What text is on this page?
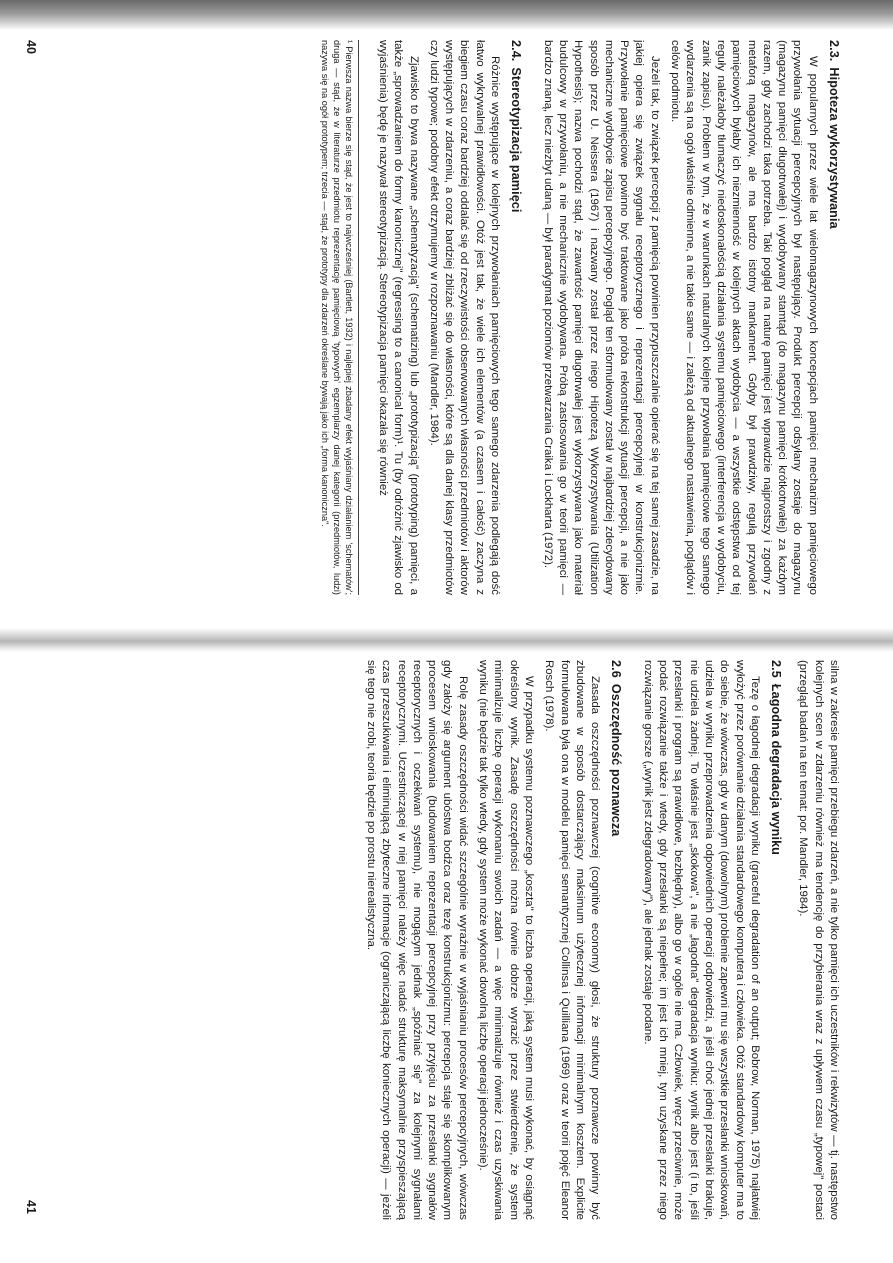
2.3.Hipoteza wykorzystywania

W popularnych przez wiele lat wielomagazynowych koncepcjach pamięci mechanizm pamięciowego przywołania sytuacji percepcyjnych był następujący. Produkt percepcji odsyłany zostaje do magazynu (magazynu pamięci długotrwałej) i wydobywany stamtąd (do magazynu pamięci krótkotrwałej) za każdym razem, gdy zachodzi taka potrzeba. Taki pogląd na naturę pamięci jest wprawdzie najprostszy i zgodny z metaforą magazynów, ale ma bardzo istotny mankament. Gdyby był prawdziwy, regułą przywołań pamięciowych byłaby ich niezmienność w kolejnych aktach wydobycia — a wszystkie odstępstwa od tej reguły należałoby tłumaczyć niedoskonałością działania systemu pamięciowego (interferencja w wydobyciu, zanik zapisu). Problem w tym, że w warunkach naturalnych kolejne przywołania pamięciowe tego samego wydarzenia są na ogół właśnie odmienne, a nie takie same — i zależą od aktualnego nastawienia, poglądów i celów podmiotu.

Jeżeli tak, to związek percepcji z pamięcią powinien przypuszczalnie opierać się na tej samej zasadzie, na jakiej opiera się związek sygnału receptorycznego i reprezentacji percepcyjnej w konstrukcjonizmie. Przywołanie pamięciowe powinno być traktowane jako próba rekonstrukcji sytuacji percepcji, a nie jako mechaniczne wydobycie zapisu percepcyjnego. Pogląd ten sformułowany został w najbardziej zdecydowany sposób przez U. Neissera (1967) i nazwany został przez niego Hipotezą Wykorzystywania (Utilization Hypothesis); nazwa pochodzi stąd, że zawartość pamięci długotrwałej jest wykorzystywana jako materiał budulcowy w przywołaniu, a nie mechanicznie wydobywana. Próbą zastosowania go w teorii pamięci — bardzo znaną, lecz niezbyt udaną — był paradygmat poziomów przetwarzania Craika i Lockharta (1972).

2.4.Stereotypizacja pamięci

Różnice występujące w kolejnych przywołaniach pamięciowych tego samego zdarzenia podlegają dość łatwo wykrywalnej prawidłowości. Otóż jest tak, że wiele ich elementów (a czasem i całość) zaczyna z biegiem czasu coraz bardziej oddalać się od rzeczywistości obserwowanych własności przedmiotów i aktorów występujących w zdarzeniu, a coraz bardziej zbliżać się do własności, które są dla danej klasy przedmiotów czy ludzi typowe; podobny efekt otrzymujemy w rozpoznawaniu (Mandler, 1984).

Zjawisko to bywa nazywane „schematyzacją" (schematizing) lub „prototypizacją" (prototyping) pamięci, a także „sprowadzaniem do formy kanonicznej" (regressing to a canonical form)¹. Tu (by odróżnić zjawisko od wyjaśnienia) będę je nazywał stereotypizacją. Stereotypizacja pamięci okazała się również

¹ Pierwsza nazwa bierze się stąd, że jest to najwcześniej (Bartlett, 1932) i najlepiej zbadany efekt wyjaśniany działaniem 'schematów'; druga — stąd, że w literaturze przedmiotu reprezentację pamięciową 'typowych' egzemplarzy danej kategorii (przedmiotów, ludzi) nazywa się na ogół prototypem; trzecia — stąd, że prototypy dla zdarzeń określane bywają jako ich „forma kanoniczna".

silna w zakresie pamięci przebiegu zdarzeń, a nie tylko pamięci ich uczestników i rekwizytów — tj. następstwo kolejnych scen w zdarzeniu również ma tendencję do przybierania wraz z upływem czasu „typowej" postaci (przegląd badań na ten temat: por. Mandler, 1984).

2.5Łagodna degradacja wyniku

Tezę o łagodnej degradacji wyniku (graceful degradation of an output; Bobrow, Norman, 1975) najłatwiej wyłożyć przez porównanie działania standardowego komputera i człowieka. Otóż standardowy komputer ma to do siebie, że wówczas, gdy w danym (dowolnym) problemie zapewni mu się wszystkie przesłanki wnioskowań, udziela w wyniku przeprowadzenia odpowiednich operacji odpowiedzi, a jeśli choć jednej przesłanki brakuje, nie udziela żadnej. To właśnie jest „skokowa", a nie „łagodna" degradacja wyniku: wynik albo jest (i to, jeśli przesłanki i program są prawidłowe, bezbłędny), albo go w ogóle nie ma. Człowiek, wręcz przeciwnie, może podać rozwiązanie także i wtedy, gdy przesłanki są niepełne; im jest ich mniej, tym uzyskane przez niego rozwiązanie gorsze („wynik jest zdegradowany"), ale jednak zostaje podane.

2.6Oszczędność poznawcza

Zasada oszczędności poznawczej (cognitive economy) głosi, że struktury poznawcze powinny być zbudowane w sposób dostarczający maksimum użytecznej informacji minimalnym kosztem. Explicite formułowana była ona w modelu pamięci semantycznej Collinsa i Quilliana (1969) oraz w teorii pojęć Eleanor Rosch (1978).

W przypadku systemu poznawczego „koszta" to liczba operacji, jaką system musi wykonać, by osiągnąć określony wynik. Zasadę oszczędności można równie dobrze wyrazić przez stwierdzenie, że system minimalizuje liczbę operacji wykonaniu swoich zadań — a więc minimalizuje również i czas uzyskiwania wyniku (nie będzie tak tylko wtedy, gdy system może wykonać dowolną liczbę operacji jednocześnie).

Rolę zasady oszczędności widać szczególnie wyraźnie w wyjaśnianiu procesów percepcyjnych, wówczas gdy założy się argument ubóstwa bodźca oraz tezę konstrukcjonizmu: percepcja staje się skomplikowanym procesem wnioskowania (budowaniem reprezentacji percepcyjnej przy przyjęciu za przesłanki sygnałów receptorycznych i oczekiwań systemu), nie mogącym jednak „spóźniać się" za kolejnymi sygnałami receptorycznymi. Uczestniczącej w niej pamięci należy więc nadać strukturę maksymalnie przyspieszającą czas przeszukiwania i eliminującą zbyteczne informacje (ograniczającą liczbę koniecznych operacji) — jeżeli się tego nie zrobi, teoria będzie po prostu nierealistyczna.

40
41
